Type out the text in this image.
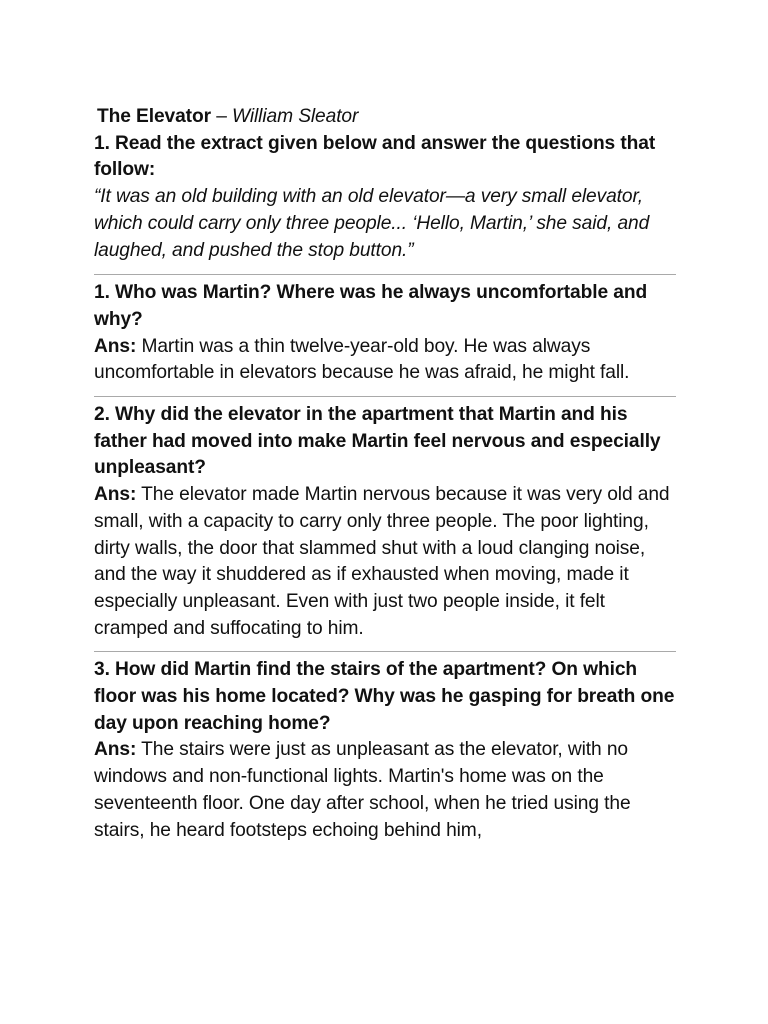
The Elevator – William Sleator

1. Read the extract given below and answer the questions that follow:

“It was an old building with an old elevator—a very small elevator, which could carry only three people... ‘Hello, Martin,’ she said, and laughed, and pushed the stop button.”

1. Who was Martin? Where was he always uncomfortable and why?

Ans: Martin was a thin twelve-year-old boy. He was always uncomfortable in elevators because he was afraid, he might fall.

2. Why did the elevator in the apartment that Martin and his father had moved into make Martin feel nervous and especially unpleasant?

Ans: The elevator made Martin nervous because it was very old and small, with a capacity to carry only three people. The poor lighting, dirty walls, the door that slammed shut with a loud clanging noise, and the way it shuddered as if exhausted when moving, made it especially unpleasant. Even with just two people inside, it felt cramped and suffocating to him.

3. How did Martin find the stairs of the apartment? On which floor was his home located? Why was he gasping for breath one day upon reaching home?

Ans: The stairs were just as unpleasant as the elevator, with no windows and non-functional lights. Martin's home was on the seventeenth floor. One day after school, when he tried using the stairs, he heard footsteps echoing behind him,
